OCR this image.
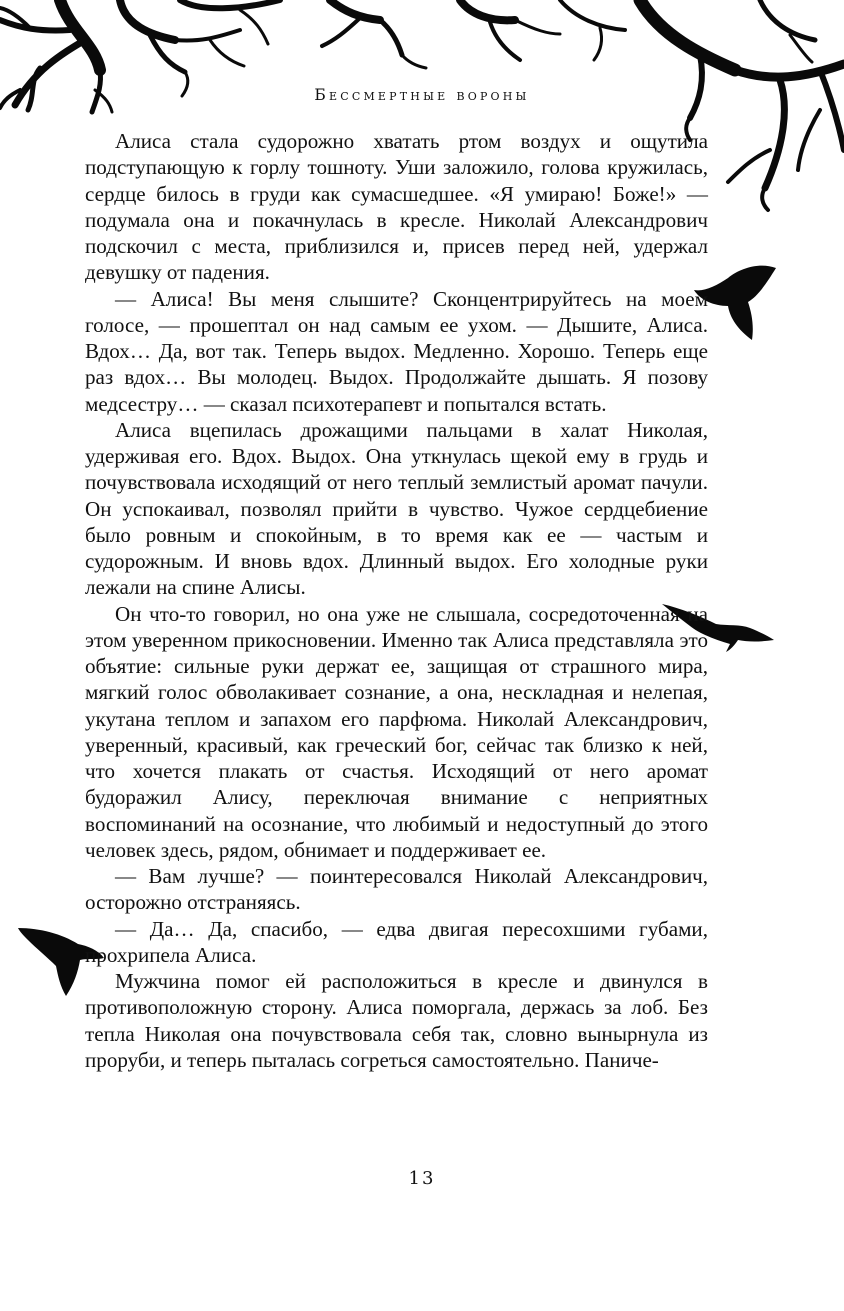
Бессмертные вороны

Алиса стала судорожно хватать ртом воздух и ощутила подступающую к горлу тошноту. Уши заложило, голова кружилась, сердце билось в груди как сумасшедшее. «Я умираю! Боже!» — подумала она и покачнулась в кресле. Николай Александрович подскочил с места, приблизился и, присев перед ней, удержал девушку от падения.

— Алиса! Вы меня слышите? Сконцентрируйтесь на моем голосе, — прошептал он над самым ее ухом. — Дышите, Алиса. Вдох… Да, вот так. Теперь выдох. Медленно. Хорошо. Теперь еще раз вдох… Вы молодец. Выдох. Продолжайте дышать. Я позову медсестру… — сказал психотерапевт и попытался встать.

Алиса вцепилась дрожащими пальцами в халат Николая, удерживая его. Вдох. Выдох. Она уткнулась щекой ему в грудь и почувствовала исходящий от него теплый землистый аромат пачули. Он успокаивал, позволял прийти в чувство. Чужое сердцебиение было ровным и спокойным, в то время как ее — частым и судорожным. И вновь вдох. Длинный выдох. Его холодные руки лежали на спине Алисы.

Он что-то говорил, но она уже не слышала, сосредоточенная на этом уверенном прикосновении. Именно так Алиса представляла это объятие: сильные руки держат ее, защищая от страшного мира, мягкий голос обволакивает сознание, а она, нескладная и нелепая, укутана теплом и запахом его парфюма. Николай Александрович, уверенный, красивый, как греческий бог, сейчас так близко к ней, что хочется плакать от счастья. Исходящий от него аромат будоражил Алису, переключая внимание с неприятных воспоминаний на осознание, что любимый и недоступный до этого человек здесь, рядом, обнимает и поддерживает ее.

— Вам лучше? — поинтересовался Николай Александрович, осторожно отстраняясь.

— Да… Да, спасибо, — едва двигая пересохшими губами, прохрипела Алиса.

Мужчина помог ей расположиться в кресле и двинулся в противоположную сторону. Алиса поморгала, держась за лоб. Без тепла Николая она почувствовала себя так, словно вынырнула из проруби, и теперь пыталась согреться самостоятельно. Паниче-

13
